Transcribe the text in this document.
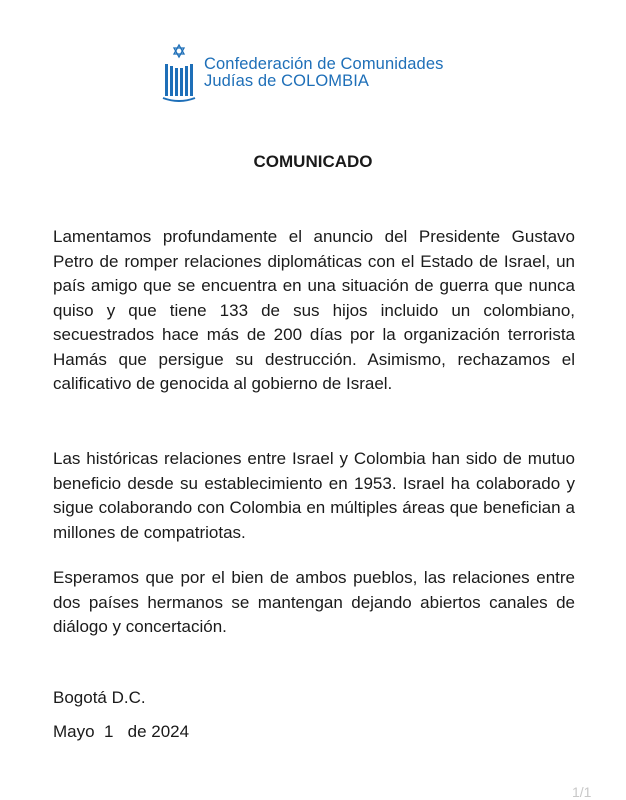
Confederación de Comunidades
Judías de COLOMBIA
COMUNICADO

Lamentamos profundamente el anuncio del Presidente Gustavo Petro de romper relaciones diplomáticas con el Estado de Israel, un país amigo que se encuentra en una situación de guerra que nunca quiso y que tiene 133 de sus hijos incluido un colombiano, secuestrados hace más de 200 días por la organización terrorista Hamás que persigue su destrucción. Asimismo, rechazamos el calificativo de genocida al gobierno de Israel.

Las históricas relaciones entre Israel y Colombia han sido de mutuo beneficio desde su establecimiento en 1953. Israel ha colaborado y sigue colaborando con Colombia en múltiples áreas que benefician a millones de compatriotas.

Esperamos que por el bien de ambos pueblos, las relaciones entre dos países hermanos se mantengan dejando abiertos canales de diálogo y concertación.

Bogotá D.C.
Mayo  1   de 2024
1/1
